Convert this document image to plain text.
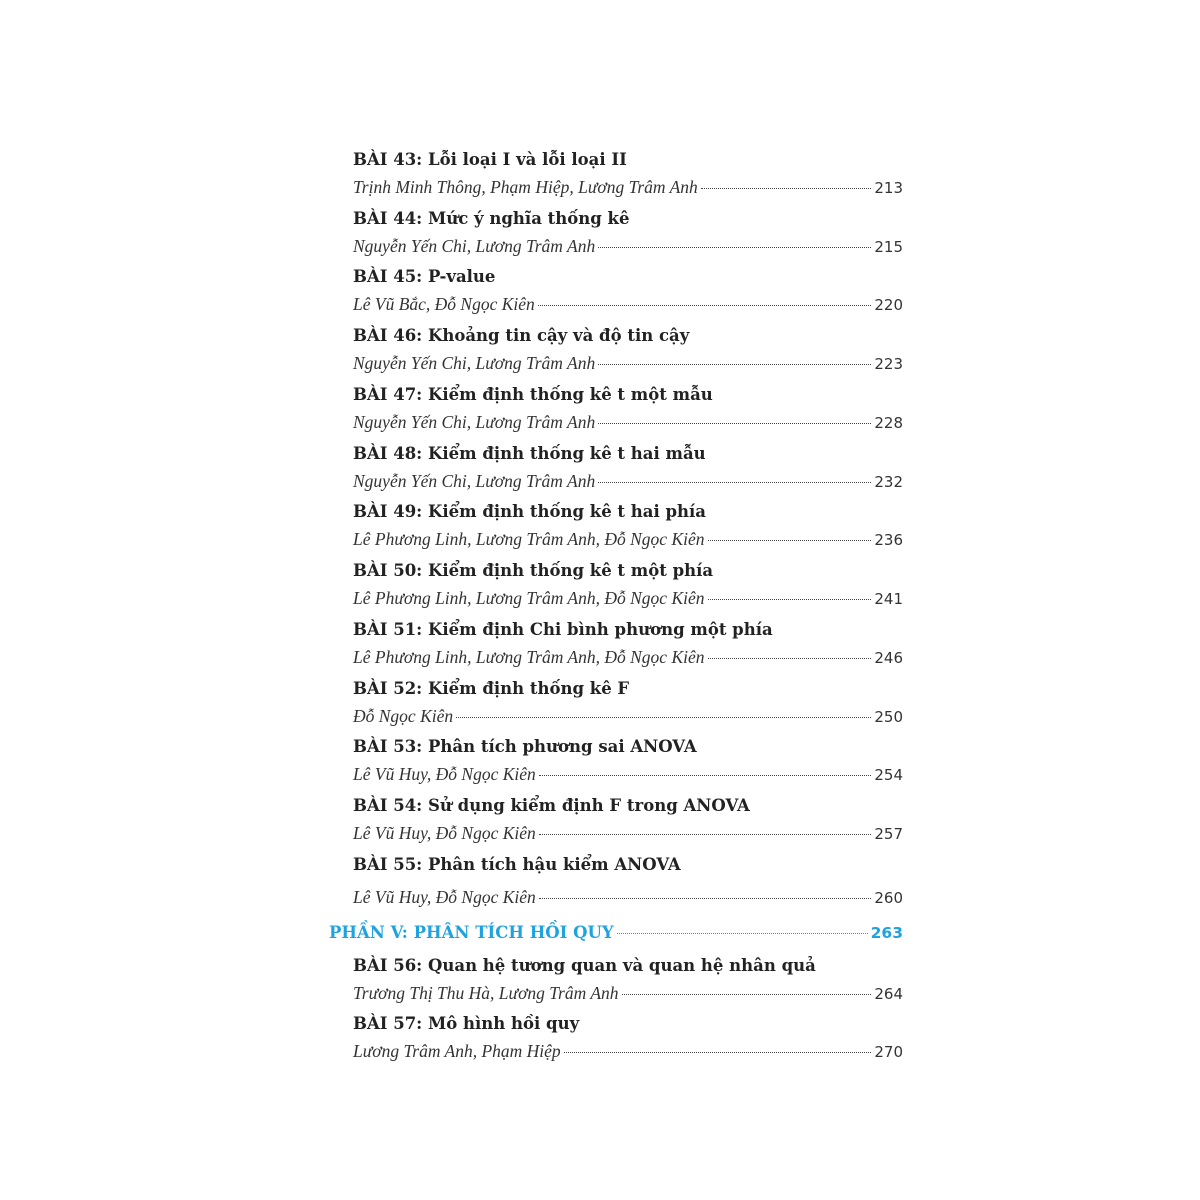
BÀI 43: Lỗi loại I và lỗi loại II
Trịnh Minh Thông, Phạm Hiệp, Lương Trâm Anh	213
BÀI 44: Mức ý nghĩa thống kê
Nguyễn Yến Chi, Lương Trâm Anh	215
BÀI 45: P-value
Lê Vũ Bắc, Đỗ Ngọc Kiên	220
BÀI 46: Khoảng tin cậy và độ tin cậy
Nguyễn Yến Chi, Lương Trâm Anh	223
BÀI 47: Kiểm định thống kê t một mẫu
Nguyễn Yến Chi, Lương Trâm Anh	228
BÀI 48: Kiểm định thống kê t hai mẫu
Nguyễn Yến Chi, Lương Trâm Anh	232
BÀI 49: Kiểm định thống kê t hai phía
Lê Phương Linh, Lương Trâm Anh, Đỗ Ngọc Kiên	236
BÀI 50: Kiểm định thống kê t một phía
Lê Phương Linh, Lương Trâm Anh, Đỗ Ngọc Kiên	241
BÀI 51: Kiểm định Chi bình phương một phía
Lê Phương Linh, Lương Trâm Anh, Đỗ Ngọc Kiên	246
BÀI 52: Kiểm định thống kê F
Đỗ Ngọc Kiên	250
BÀI 53: Phân tích phương sai ANOVA
Lê Vũ Huy, Đỗ Ngọc Kiên	254
BÀI 54: Sử dụng kiểm định F trong ANOVA
Lê Vũ Huy, Đỗ Ngọc Kiên	257
BÀI 55: Phân tích hậu kiểm ANOVA
Lê Vũ Huy, Đỗ Ngọc Kiên	260
PHẦN V: PHÂN TÍCH HỒI QUY	263
BÀI 56: Quan hệ tương quan và quan hệ nhân quả
Trương Thị Thu Hà, Lương Trâm Anh	264
BÀI 57: Mô hình hồi quy
Lương Trâm Anh, Phạm Hiệp	270
